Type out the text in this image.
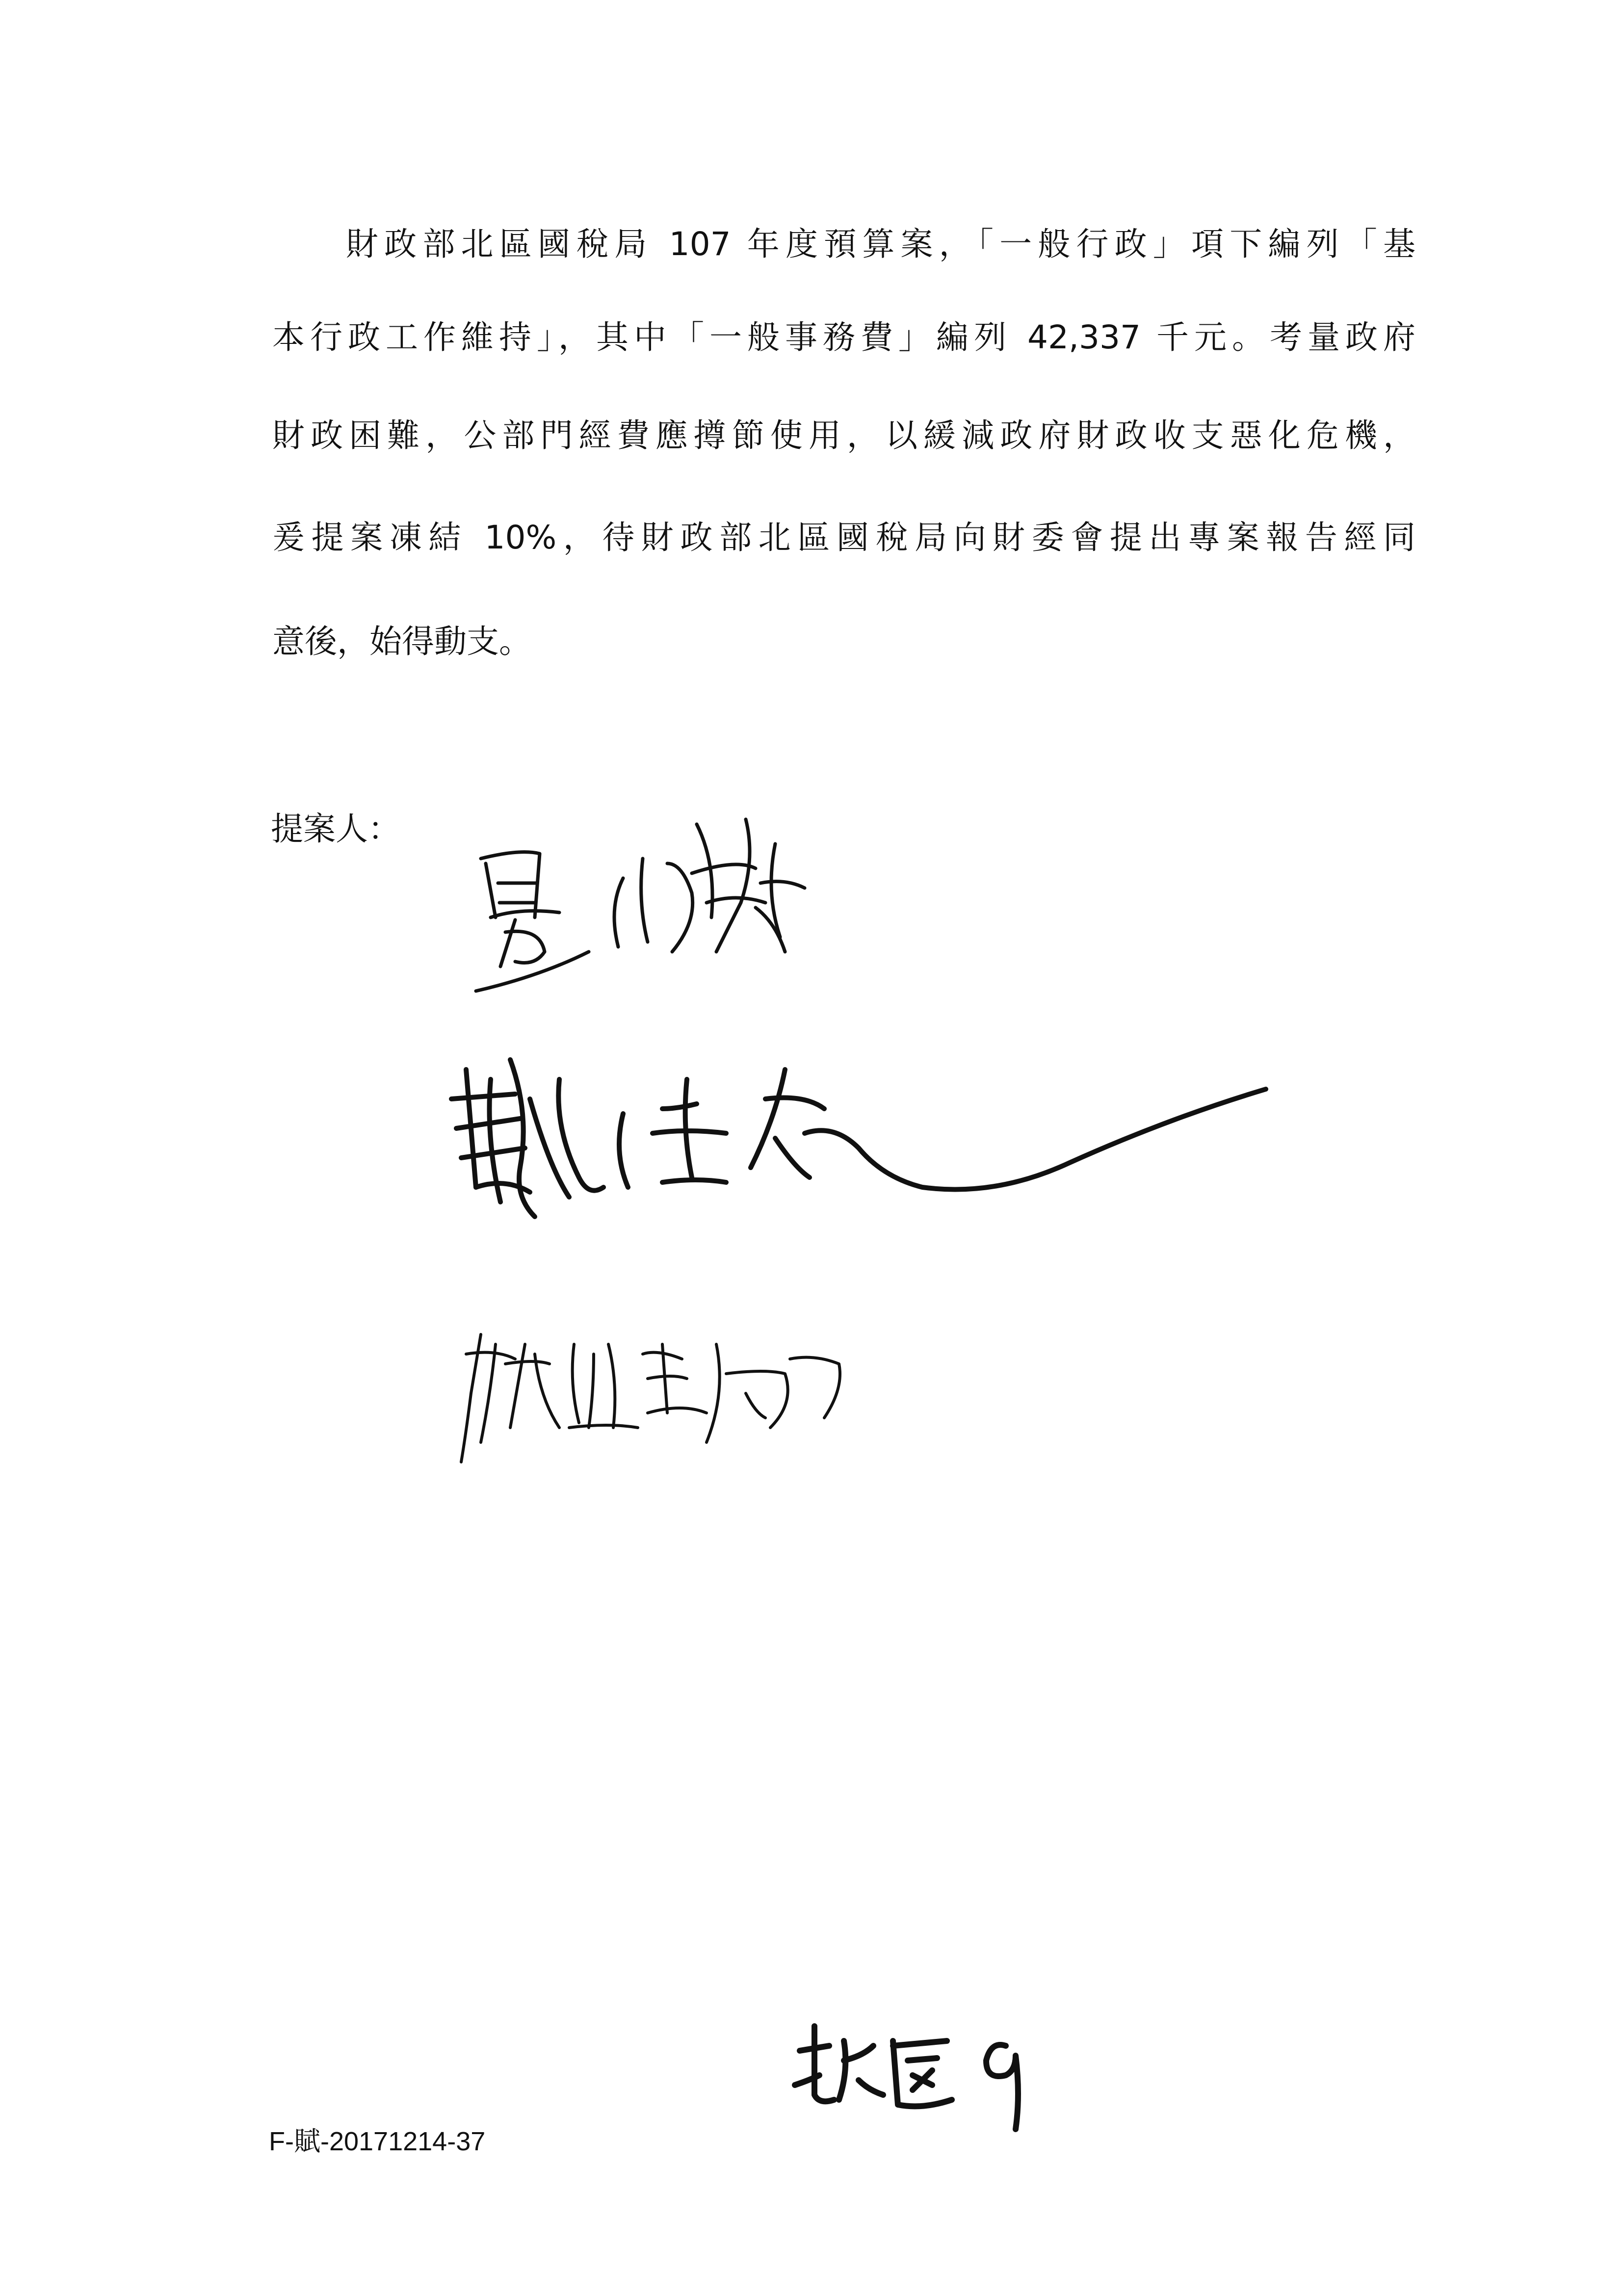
財政部北區國稅局 107 年度預算案，「一般行政」項下編列「基

本行政工作維持」，其中「一般事務費」編列 42,337 千元。考量政府

財政困難，公部門經費應撙節使用，以緩減政府財政收支惡化危機，

爰提案凍結 10%，待財政部北區國稅局向財委會提出專案報告經同

意後，始得動支。

提案人：
F-賦-20171214-37
